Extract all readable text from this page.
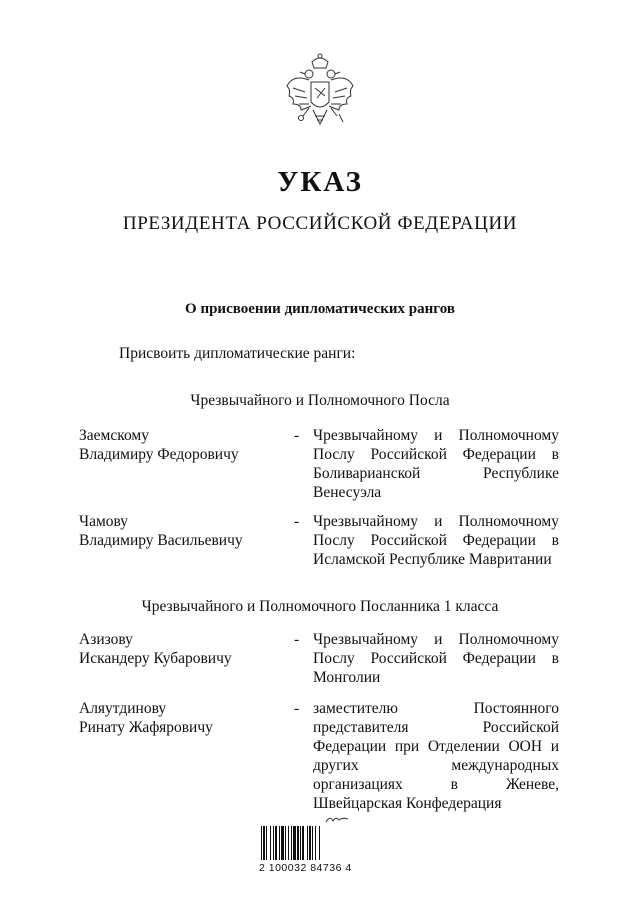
УКАЗ
ПРЕЗИДЕНТА РОССИЙСКОЙ ФЕДЕРАЦИИ
О присвоении дипломатических рангов
Присвоить дипломатические ранги:
Чрезвычайного и Полномочного Посла
Заемскому
Владимиру Федоровичу
- Чрезвычайному и Полномочному Послу Российской Федерации в Боливарианской Республике Венесуэла
Чамову
Владимиру Васильевичу
- Чрезвычайному и Полномочному Послу Российской Федерации в Исламской Республике Мавритании
Чрезвычайного и Полномочного Посланника 1 класса
Азизову
Искандеру Кубаровичу
- Чрезвычайному и Полномочному Послу Российской Федерации в Монголии
Аляутдинову
Ринату Жафяровичу
- заместителю Постоянного представителя Российской Федерации при Отделении ООН и других международных организациях в Женеве, Швейцарская Конфедерация
2 100032 84736 4
